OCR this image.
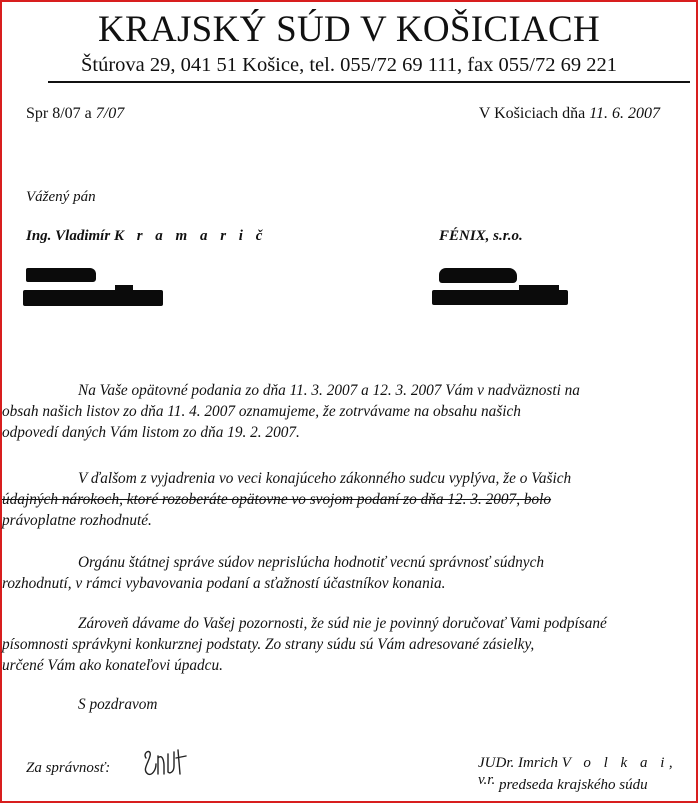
KRAJSKÝ SÚD V KOŠICIACH
Štúrova 29, 041 51 Košice, tel. 055/72 69 111, fax 055/72 69 221
Spr 8/07 a 7/07	V Košiciach dňa 11. 6. 2007
Vážený pán
Ing. Vladimír K r a m a r i č	FÉNIX, s.r.o.
Na Vaše opätovné podania zo dňa 11. 3. 2007 a 12. 3. 2007 Vám v nadväznosti na
obsah našich listov zo dňa 11. 4. 2007 oznamujeme, že zotrvávame na obsahu našich
odpovedí daných Vám listom zo dňa 19. 2. 2007.
V ďalšom z vyjadrenia vo veci konajúceho zákonného sudcu vyplýva, že o Vašich
údajných nárokoch, ktoré rozoberáte opätovne vo svojom podaní zo dňa 12. 3. 2007, bolo
právoplatne rozhodnuté.
Orgánu štátnej správe súdov neprislúcha hodnotiť vecnú správnosť súdnych
rozhodnutí, v rámci vybavovania podaní a sťažností účastníkov konania.
Zároveň dávame do Vašej pozornosti, že súd nie je povinný doručovať Vami podpísané
písomnosti správkyni konkurznej podstaty. Zo strany súdu sú Vám adresované zásielky,
určené Vám ako konateľovi úpadcu.
S pozdravom
Za správnosť:	JUDr. Imrich V o l k a i, v.r. predseda krajského súdu
